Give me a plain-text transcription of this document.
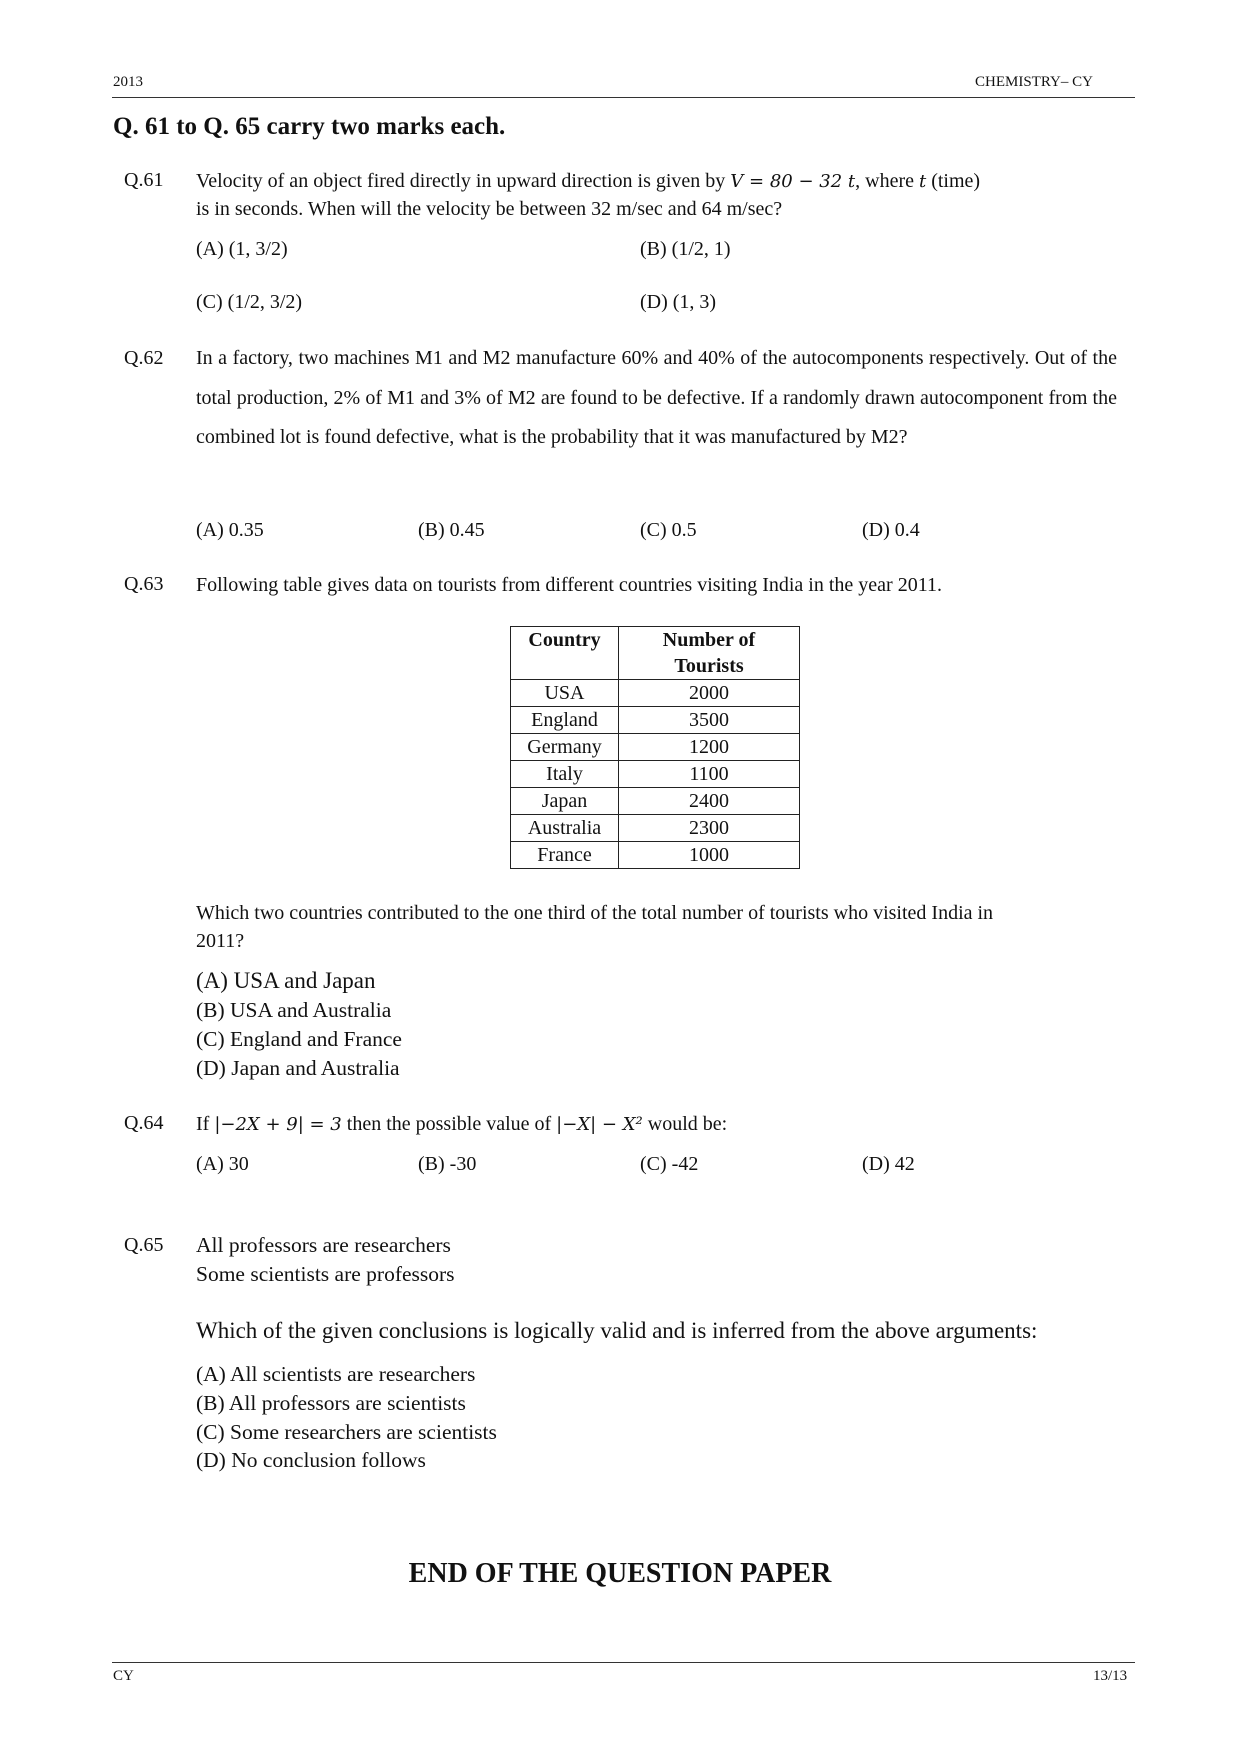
2013	CHEMISTRY– CY
Q. 61 to Q. 65 carry two marks each.
Q.61 Velocity of an object fired directly in upward direction is given by V = 80 − 32 t, where t (time)
is in seconds. When will the velocity be between 32 m/sec and 64 m/sec?
(A) (1, 3/2)	(B) (1/2, 1)
(C) (1/2, 3/2)	(D) (1, 3)
Q.62 In a factory, two machines M1 and M2 manufacture 60% and 40% of the autocomponents respectively. Out of the total production, 2% of M1 and 3% of M2 are found to be defective. If a randomly drawn autocomponent from the combined lot is found defective, what is the probability that it was manufactured by M2?
(A) 0.35	(B) 0.45	(C) 0.5	(D) 0.4
Q.63 Following table gives data on tourists from different countries visiting India in the year 2011.
Country	Number of
Tourists
USA	2000
England	3500
Germany	1200
Italy	1100
Japan	2400
Australia	2300
France	1000
Which two countries contributed to the one third of the total number of tourists who visited India in
2011?
(A) USA and Japan
(B) USA and Australia
(C) England and France
(D) Japan and Australia
Q.64 If |−2X + 9| = 3 then the possible value of |−X| − X² would be:
(A) 30	(B) -30	(C) -42	(D) 42
Q.65 All professors are researchers
Some scientists are professors
Which of the given conclusions is logically valid and is inferred from the above arguments:
(A) All scientists are researchers
(B) All professors are scientists
(C) Some researchers are scientists
(D) No conclusion follows
END OF THE QUESTION PAPER
CY	13/13
